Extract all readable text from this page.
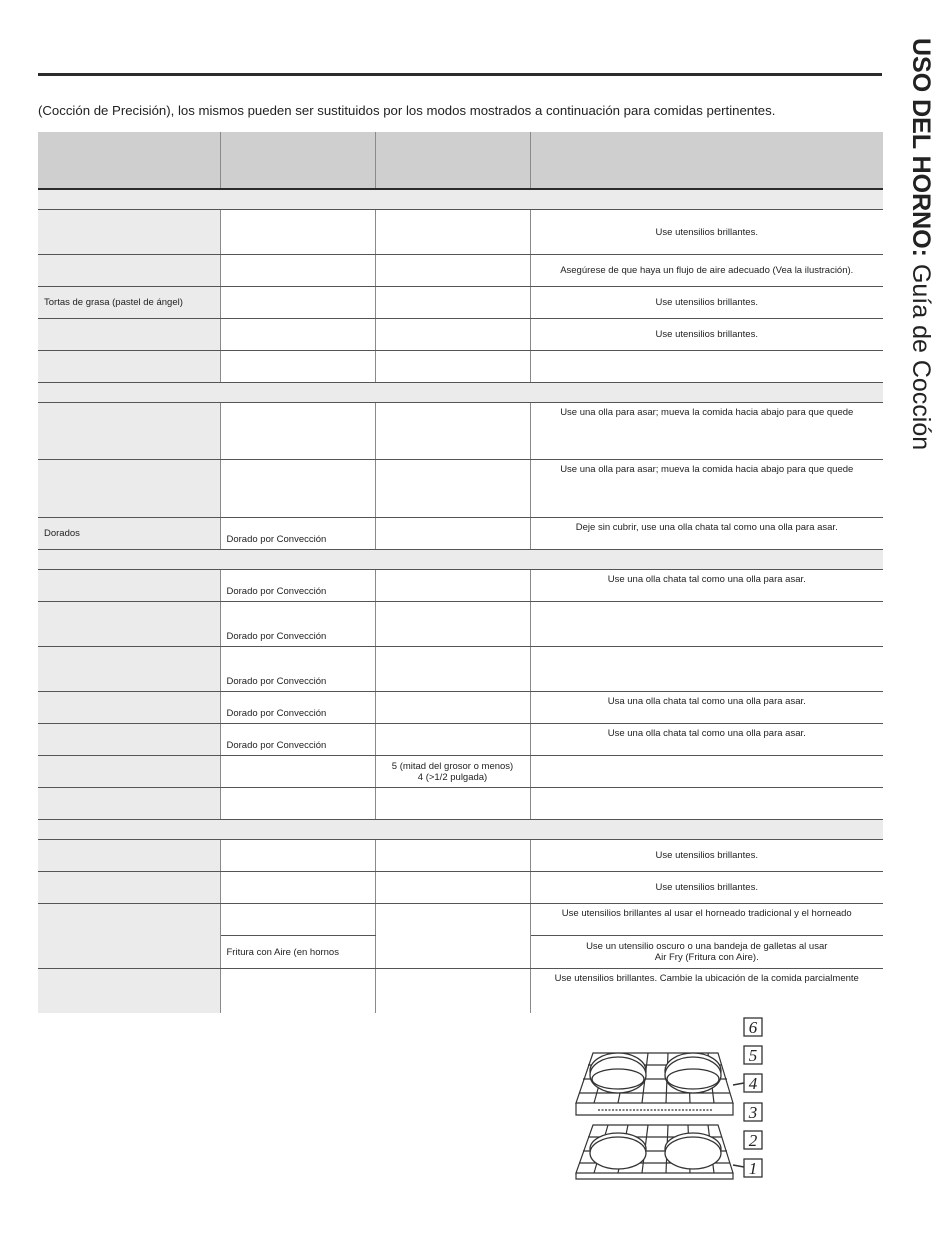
(Cocción de Precisión), los mismos pueden ser sustituidos por los modos mostrados a continuación para comidas pertinentes.	USO DEL HORNO: Guía de Cocción

			Use utensilios brillantes.
			Asegúrese de que haya un flujo de aire adecuado (Vea la ilustración).
Tortas de grasa (pastel de ángel)			Use utensilios brillantes.
			Use utensilios brillantes.

			Use una olla para asar; mueva la comida hacia abajo para que quede
			Use una olla para asar; mueva la comida hacia abajo para que quede
Dorados	Dorado por Convección		Deje sin cubrir, use una olla chata tal como una olla para asar.

	Dorado por Convección		Use una olla chata tal como una olla para asar.
	Dorado por Convección		
	Dorado por Convección		
	Dorado por Convección		Usa una olla chata tal como una olla para asar.
	Dorado por Convección		Use una olla chata tal como una olla para asar.

		5 (mitad del grosor o menos)
4 (>1/2 pulgada)	

			Use utensilios brillantes.
			Use utensilios brillantes.
			Use utensilios brillantes al usar el horneado tradicional y el horneado
	Fritura con Aire (en hornos		Use un utensilio oscuro o una bandeja de galletas al usar
Air Fry (Fritura con Aire).

			Use utensilios brillantes. Cambie la ubicación de la comida parcialmente
6
5
4
3
2
1
